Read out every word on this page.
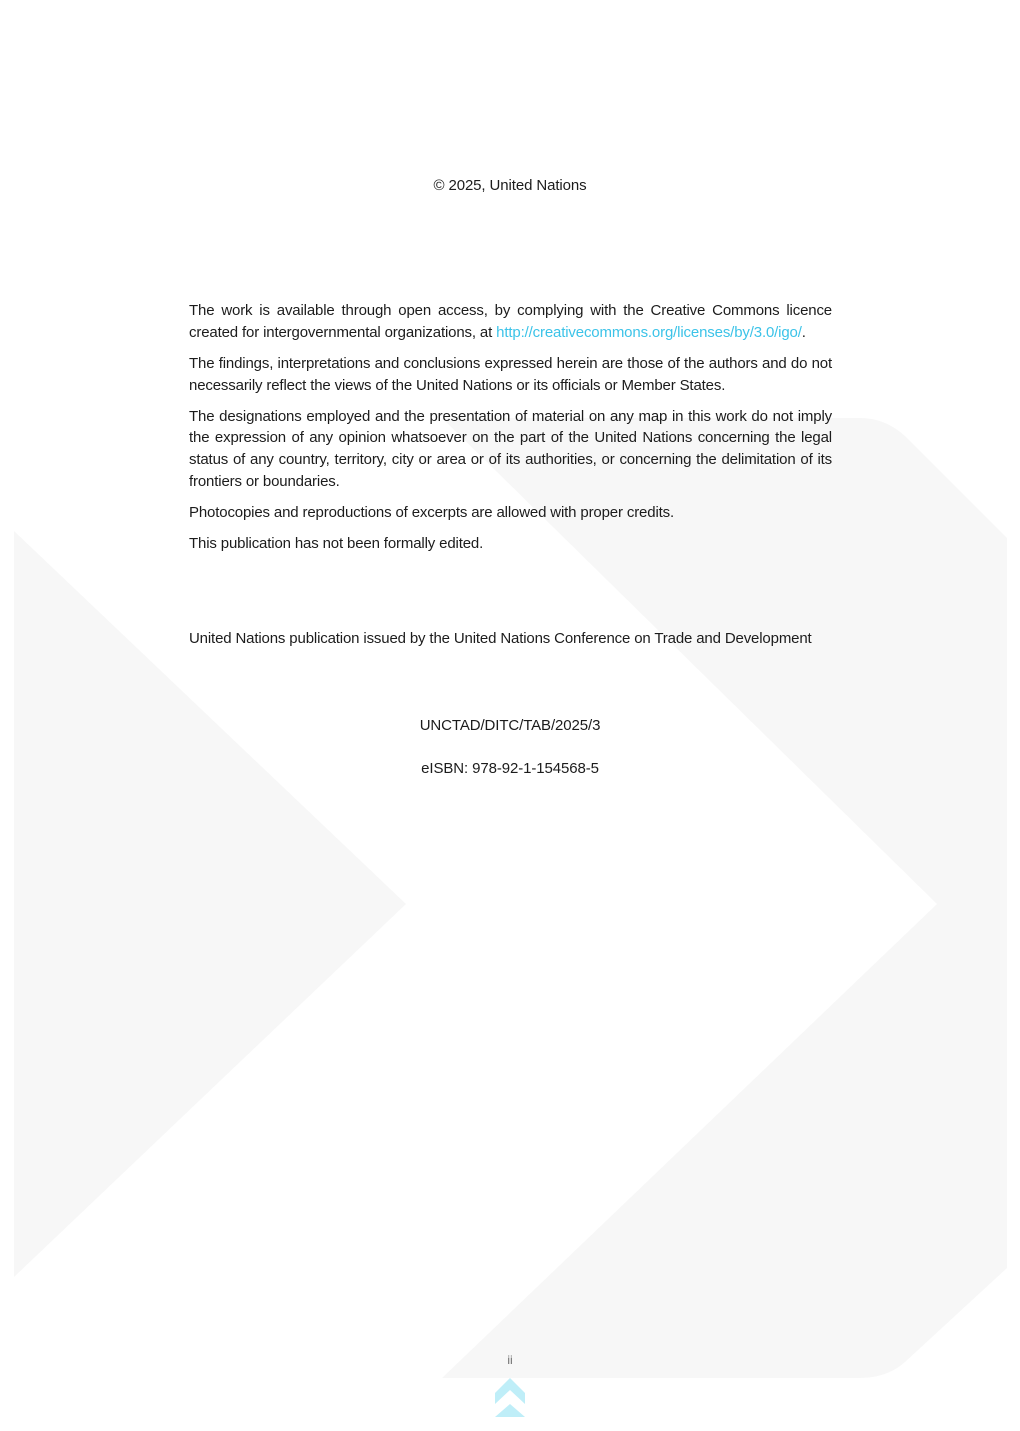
© 2025, United Nations

The work is available through open access, by complying with the Creative Commons licence created for intergovernmental organizations, at http://creativecommons.org/licenses/by/3.0/igo/.

The findings, interpretations and conclusions expressed herein are those of the authors and do not necessarily reflect the views of the United Nations or its officials or Member States.

The designations employed and the presentation of material on any map in this work do not imply the expression of any opinion whatsoever on the part of the United Nations concerning the legal status of any country, territory, city or area or of its authorities, or concerning the delimitation of its frontiers or boundaries.

Photocopies and reproductions of excerpts are allowed with proper credits.

This publication has not been formally edited.

United Nations publication issued by the United Nations Conference on Trade and Development
UNCTAD/DITC/TAB/2025/3
eISBN: 978-92-1-154568-5
ii
